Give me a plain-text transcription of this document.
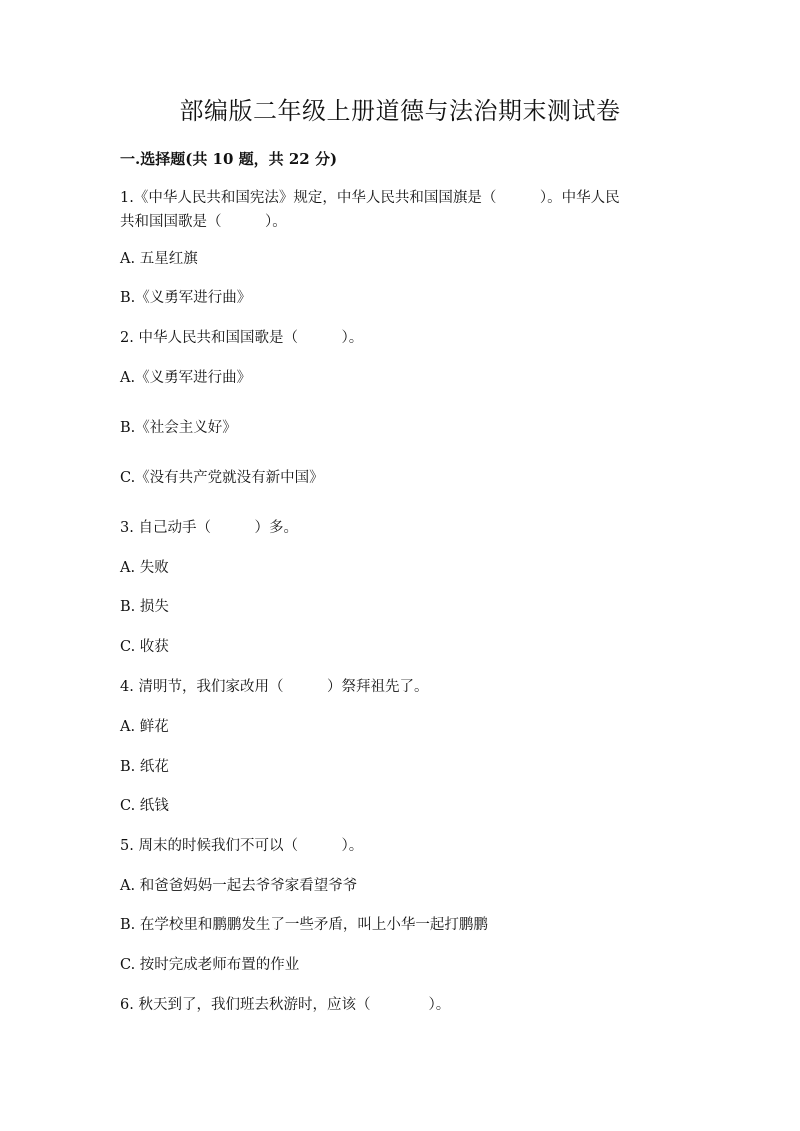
部编版二年级上册道德与法治期末测试卷

一.选择题(共 10 题，共 22 分)

1.《中华人民共和国宪法》规定，中华人民共和国国旗是（　　　）。中华人民

共和国国歌是（　　　）。

A. 五星红旗

B.《义勇军进行曲》

2. 中华人民共和国国歌是（　　　）。

A.《义勇军进行曲》

B.《社会主义好》

C.《没有共产党就没有新中国》

3. 自己动手（　　　）多。

A. 失败

B. 损失

C. 收获

4. 清明节，我们家改用（　　　）祭拜祖先了。

A. 鲜花

B. 纸花

C. 纸钱

5. 周末的时候我们不可以（　　　）。

A. 和爸爸妈妈一起去爷爷家看望爷爷

B. 在学校里和鹏鹏发生了一些矛盾，叫上小华一起打鹏鹏

C. 按时完成老师布置的作业

6. 秋天到了，我们班去秋游时，应该（　　　　）。
